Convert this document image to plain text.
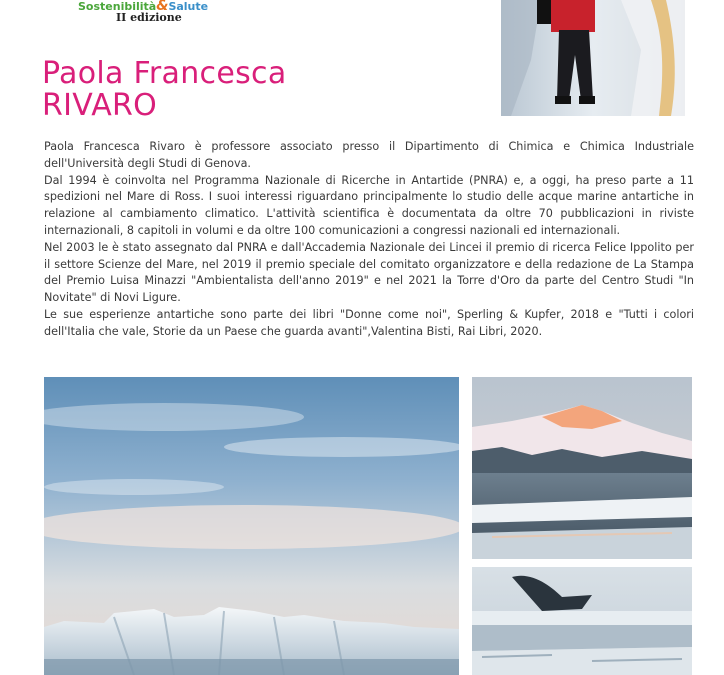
Sostenibilità&Salute
II edizione
Paola Francesca
RIVARO

Paola Francesca Rivaro è professore associato presso il Dipartimento di Chimica e Chimica Industriale dell'Università degli Studi di Genova.

Dal 1994 è coinvolta nel Programma Nazionale di Ricerche in Antartide (PNRA) e, a oggi, ha preso parte a 11 spedizioni nel Mare di Ross. I suoi interessi riguardano principalmente lo studio delle acque marine antartiche in relazione al cambiamento climatico. L'attività scientifica è documentata da oltre 70 pubblicazioni in riviste internazionali, 8 capitoli in volumi e da oltre 100 comunicazioni a congressi nazionali ed internazionali.

Nel 2003 le è stato assegnato dal PNRA e dall'Accademia Nazionale dei Lincei il premio di ricerca Felice Ippolito per il settore Scienze del Mare, nel 2019 il premio speciale del comitato organizzatore e della redazione de La Stampa del Premio Luisa Minazzi "Ambientalista dell'anno 2019" e nel 2021 la Torre d'Oro da parte del Centro Studi "In Novitate" di Novi Ligure.

Le sue esperienze antartiche sono parte dei libri "Donne come noi", Sperling & Kupfer, 2018 e "Tutti i colori dell'Italia che vale, Storie da un Paese che guarda avanti",Valentina Bisti, Rai Libri, 2020.
